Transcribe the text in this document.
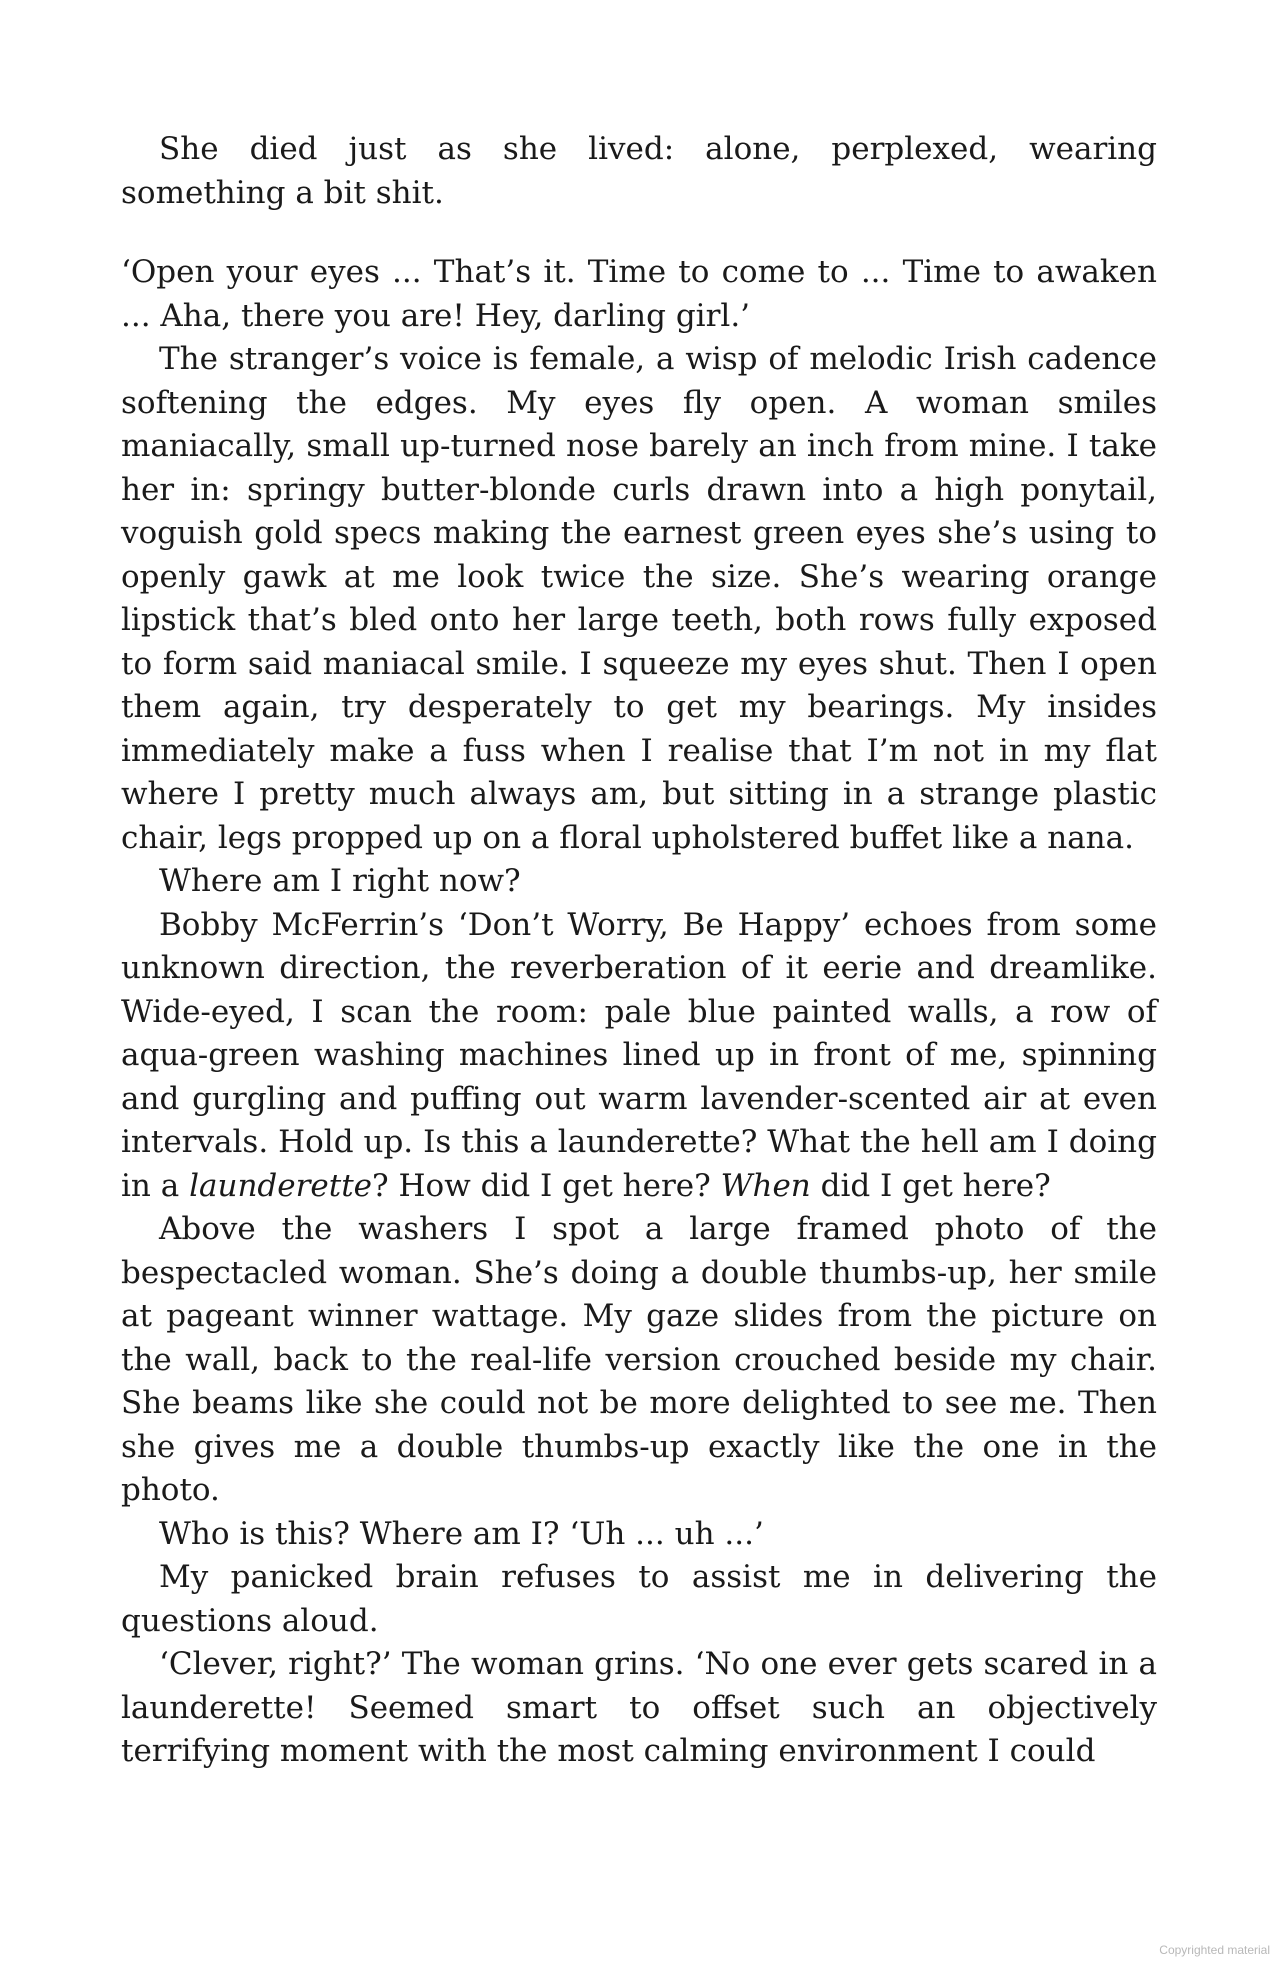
She died just as she lived: alone, perplexed, wearing something a bit shit.

‘Open your eyes ... That’s it. Time to come to ... Time to awaken ... Aha, there you are! Hey, darling girl.’

The stranger’s voice is female, a wisp of melodic Irish cadence softening the edges. My eyes fly open. A woman smiles maniacally, small up-turned nose barely an inch from mine. I take her in: springy butter-blonde curls drawn into a high ponytail, voguish gold specs making the earnest green eyes she’s using to openly gawk at me look twice the size. She’s wearing orange lipstick that’s bled onto her large teeth, both rows fully exposed to form said maniacal smile. I squeeze my eyes shut. Then I open them again, try desperately to get my bearings. My insides immediately make a fuss when I realise that I’m not in my flat where I pretty much always am, but sitting in a strange plastic chair, legs propped up on a floral upholstered buffet like a nana.

Where am I right now?

Bobby McFerrin’s ‘Don’t Worry, Be Happy’ echoes from some unknown direction, the reverberation of it eerie and dreamlike. Wide-eyed, I scan the room: pale blue painted walls, a row of aqua-green washing machines lined up in front of me, spinning and gurgling and puffing out warm lavender-scented air at even intervals. Hold up. Is this a launderette? What the hell am I doing in a launderette? How did I get here? When did I get here?

Above the washers I spot a large framed photo of the bespectacled woman. She’s doing a double thumbs-up, her smile at pageant winner wattage. My gaze slides from the picture on the wall, back to the real-life version crouched beside my chair. She beams like she could not be more delighted to see me. Then she gives me a double thumbs-up exactly like the one in the photo.

Who is this? Where am I? ‘Uh ... uh ...’

My panicked brain refuses to assist me in delivering the questions aloud.

‘Clever, right?’ The woman grins. ‘No one ever gets scared in a launderette! Seemed smart to offset such an objectively terrifying moment with the most calming environment I could

Copyrighted material
